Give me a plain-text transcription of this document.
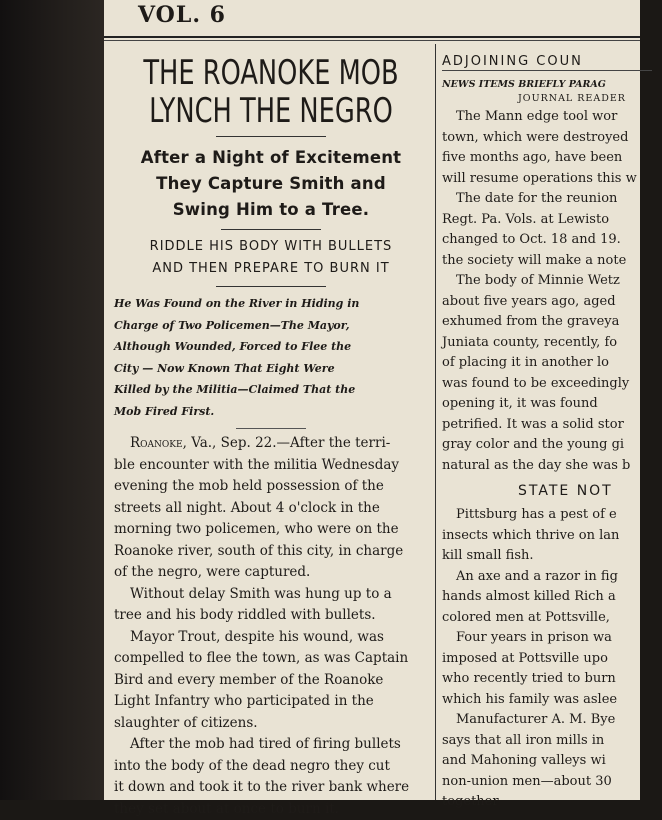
VOL. 6
THE ROANOKE MOB
LYNCH THE NEGRO
After a Night of Excitement
They Capture Smith and
Swing Him to a Tree.
RIDDLE HIS BODY WITH BULLETS
AND THEN PREPARE TO BURN IT
He Was Found on the River in Hiding in
Charge of Two Policemen—The Mayor,
Although Wounded, Forced to Flee the
City — Now Known That Eight Were
Killed by the Militia—Claimed That the
Mob Fired First.
Roanoke, Va., Sep. 22.—After the terri-
ble encounter with the militia Wednesday
evening the mob held possession of the
streets all night. About 4 o'clock in the
morning two policemen, who were on the
Roanoke river, south of this city, in charge
of the negro, were captured.
Without delay Smith was hung up to a
tree and his body riddled with bullets.
Mayor Trout, despite his wound, was
compelled to flee the town, as was Captain
Bird and every member of the Roanoke
Light Infantry who participated in the
slaughter of citizens.
After the mob had tired of firing bullets
into the body of the dead negro they cut
it down and took it to the river bank where
they set about at once to burn it.
ADJOINING COUN
NEWS ITEMS BRIEFLY PARAG
JOURNAL READER
The Mann edge tool wor
town, which were destroyed
five months ago, have been
will resume operations this w
The date for the reunion
Regt. Pa. Vols. at Lewisto
changed to Oct. 18 and 19.
the society will make a note
The body of Minnie Wetz
about five years ago, aged
exhumed from the graveya
Juniata county, recently, fo
of placing it in another lo
was found to be exceedingly
opening it, it was found
petrified. It was a solid stor
gray color and the young gi
natural as the day she was b
STATE NOT
Pittsburg has a pest of e
insects which thrive on lan
kill small fish.
An axe and a razor in fig
hands almost killed Rich a
colored men at Pottsville,
Four years in prison wa
imposed at Pottsville upo
who recently tried to burn
which his family was aslee
Manufacturer A. M. Bye
says that all iron mills in
and Mahoning valleys wi
non-union men—about 30
together
